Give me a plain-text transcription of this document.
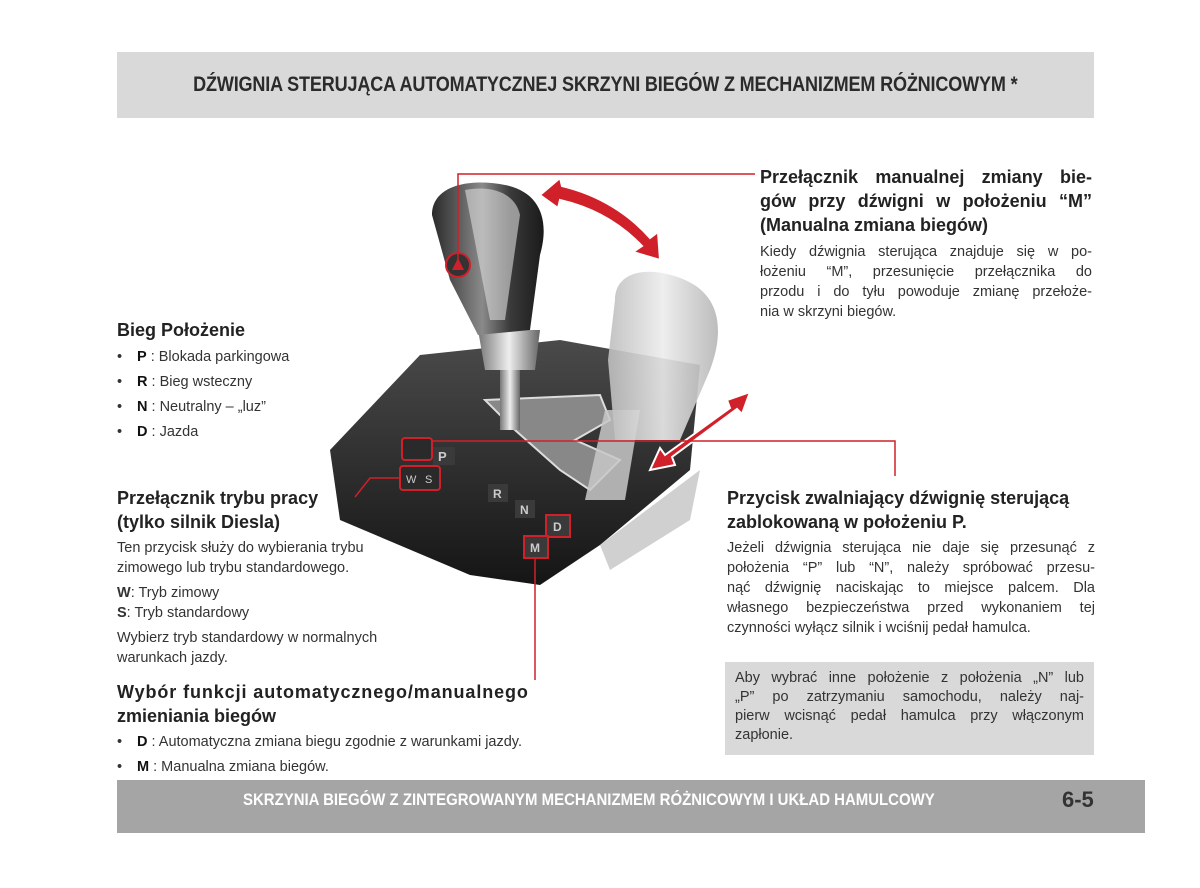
DŹWIGNIA STERUJĄCA AUTOMATYCZNEJ SKRZYNI BIEGÓW Z MECHANIZMEM RÓŻNICOWYM *
P
W S
R
N
D
M

Bieg Położenie

• P : Blokada parkingowa
• R : Bieg wsteczny
• N : Neutralny – „luz”
• D : Jazda

Przełącznik trybu pracy

(tylko silnik Diesla)

Ten przycisk służy do wybierania trybu

zimowego lub trybu standardowego.

W: Tryb zimowy

S: Tryb standardowy

Wybierz tryb standardowy w normalnych

warunkach jazdy.

Wybór funkcji automatycznego/manualnego

zmieniania biegów

• D : Automatyczna zmiana biegu zgodnie z warunkami jazdy.
• M : Manualna zmiana biegów.

Przełącznik manualnej zmiany bie-

gów przy dźwigni w położeniu “M”

(Manualna zmiana biegów)

Kiedy dźwignia sterująca znajduje się w po-

łożeniu “M”, przesunięcie przełącznika do

przodu i do tyłu powoduje zmianę przełoże-

nia w skrzyni biegów.

Przycisk zwalniający dźwignię sterującą

zablokowaną w położeniu P.

Jeżeli dźwignia sterująca nie daje się przesunąć z

położenia “P” lub “N”, należy spróbować przesu-

nąć dźwignię naciskając to miejsce palcem. Dla

własnego bezpieczeństwa przed wykonaniem tej

czynności wyłącz silnik i wciśnij pedał hamulca.

Aby wybrać inne położenie z położenia „N” lub

„P” po zatrzymaniu samochodu, należy naj-

pierw wcisnąć pedał hamulca przy włączonym

zapłonie.

SKRZYNIA BIEGÓW Z ZINTEGROWANYM MECHANIZMEM RÓŻNICOWYM I UKŁAD HAMULCOWY	6-5
